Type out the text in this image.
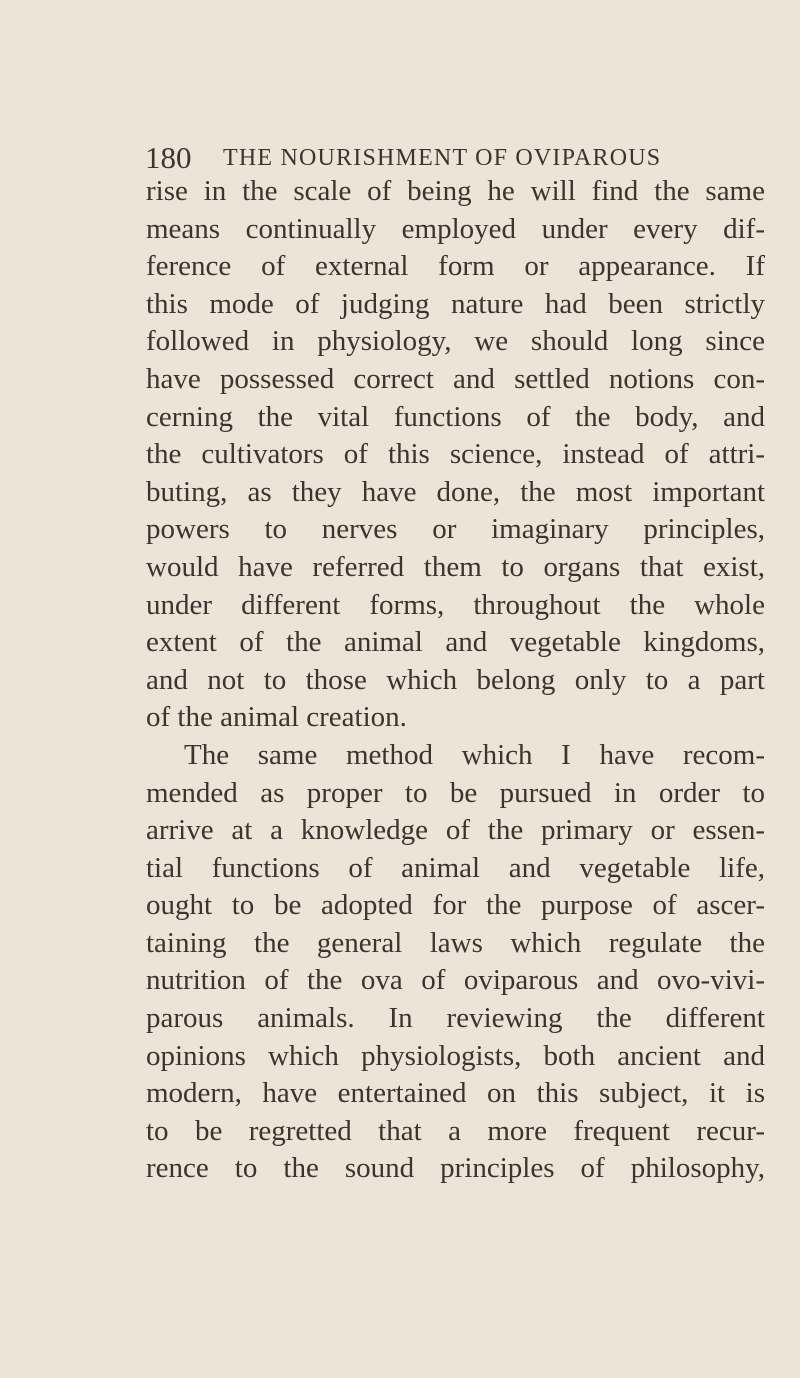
180 THE NOURISHMENT OF OVIPAROUS
rise in the scale of being he will find the same
means continually employed under every dif-
ference of external form or appearance. If
this mode of judging nature had been strictly
followed in physiology, we should long since
have possessed correct and settled notions con-
cerning the vital functions of the body, and
the cultivators of this science, instead of attri-
buting, as they have done, the most important
powers to nerves or imaginary principles,
would have referred them to organs that exist,
under different forms, throughout the whole
extent of the animal and vegetable kingdoms,
and not to those which belong only to a part
of the animal creation.
The same method which I have recom-
mended as proper to be pursued in order to
arrive at a knowledge of the primary or essen-
tial functions of animal and vegetable life,
ought to be adopted for the purpose of ascer-
taining the general laws which regulate the
nutrition of the ova of oviparous and ovo-vivi-
parous animals. In reviewing the different
opinions which physiologists, both ancient and
modern, have entertained on this subject, it is
to be regretted that a more frequent recur-
rence to the sound principles of philosophy,
